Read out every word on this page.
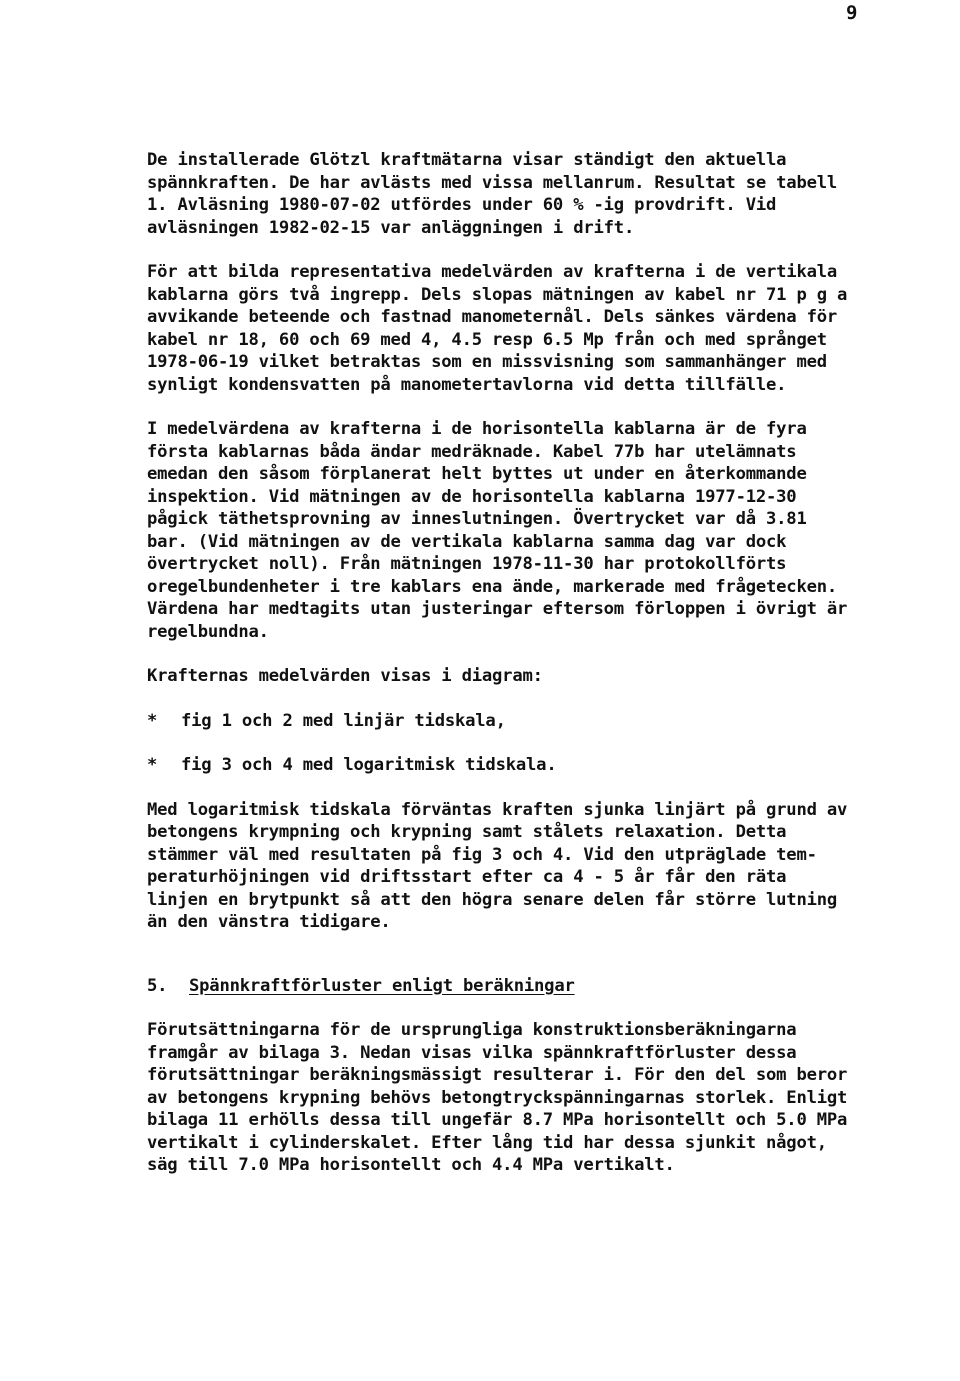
9

De installerade Glötzl kraftmätarna visar ständigt den aktuella
spännkraften. De har avlästs med vissa mellanrum. Resultat se tabell
1. Avläsning 1980-07-02 utfördes under 60 % -ig provdrift. Vid
avläsningen 1982-02-15 var anläggningen i drift.

För att bilda representativa medelvärden av krafterna i de vertikala
kablarna görs två ingrepp. Dels slopas mätningen av kabel nr 71 p g a
avvikande beteende och fastnad manometernål. Dels sänkes värdena för
kabel nr 18, 60 och 69 med 4, 4.5 resp 6.5 Mp från och med språnget
1978-06-19 vilket betraktas som en missvisning som sammanhänger med
synligt kondensvatten på manometertavlorna vid detta tillfälle.

I medelvärdena av krafterna i de horisontella kablarna är de fyra
första kablarnas båda ändar medräknade. Kabel 77b har utelämnats
emedan den såsom förplanerat helt byttes ut under en återkommande
inspektion. Vid mätningen av de horisontella kablarna 1977-12-30
pågick täthetsprovning av inneslutningen. Övertrycket var då 3.81
bar. (Vid mätningen av de vertikala kablarna samma dag var dock
övertrycket noll). Från mätningen 1978-11-30 har protokollförts
oregelbundenheter i tre kablars ena ände, markerade med frågetecken.
Värdena har medtagits utan justeringar eftersom förloppen i övrigt är
regelbundna.

Krafternas medelvärden visas i diagram:

*	fig 1 och 2 med linjär tidskala,
*	fig 3 och 4 med logaritmisk tidskala.

Med logaritmisk tidskala förväntas kraften sjunka linjärt på grund av
betongens krympning och krypning samt stålets relaxation. Detta
stämmer väl med resultaten på fig 3 och 4. Vid den utpräglade tem-
peraturhöjningen vid driftsstart efter ca 4 - 5 år får den räta
linjen en brytpunkt så att den högra senare delen får större lutning
än den vänstra tidigare.

5. Spännkraftförluster enligt beräkningar

Förutsättningarna för de ursprungliga konstruktionsberäkningarna
framgår av bilaga 3. Nedan visas vilka spännkraftförluster dessa
förutsättningar beräkningsmässigt resulterar i. För den del som beror
av betongens krypning behövs betongtryckspänningarnas storlek. Enligt
bilaga 11 erhölls dessa till ungefär 8.7 MPa horisontellt och 5.0 MPa
vertikalt i cylinderskalet. Efter lång tid har dessa sjunkit något,
säg till 7.0 MPa horisontellt och 4.4 MPa vertikalt.
